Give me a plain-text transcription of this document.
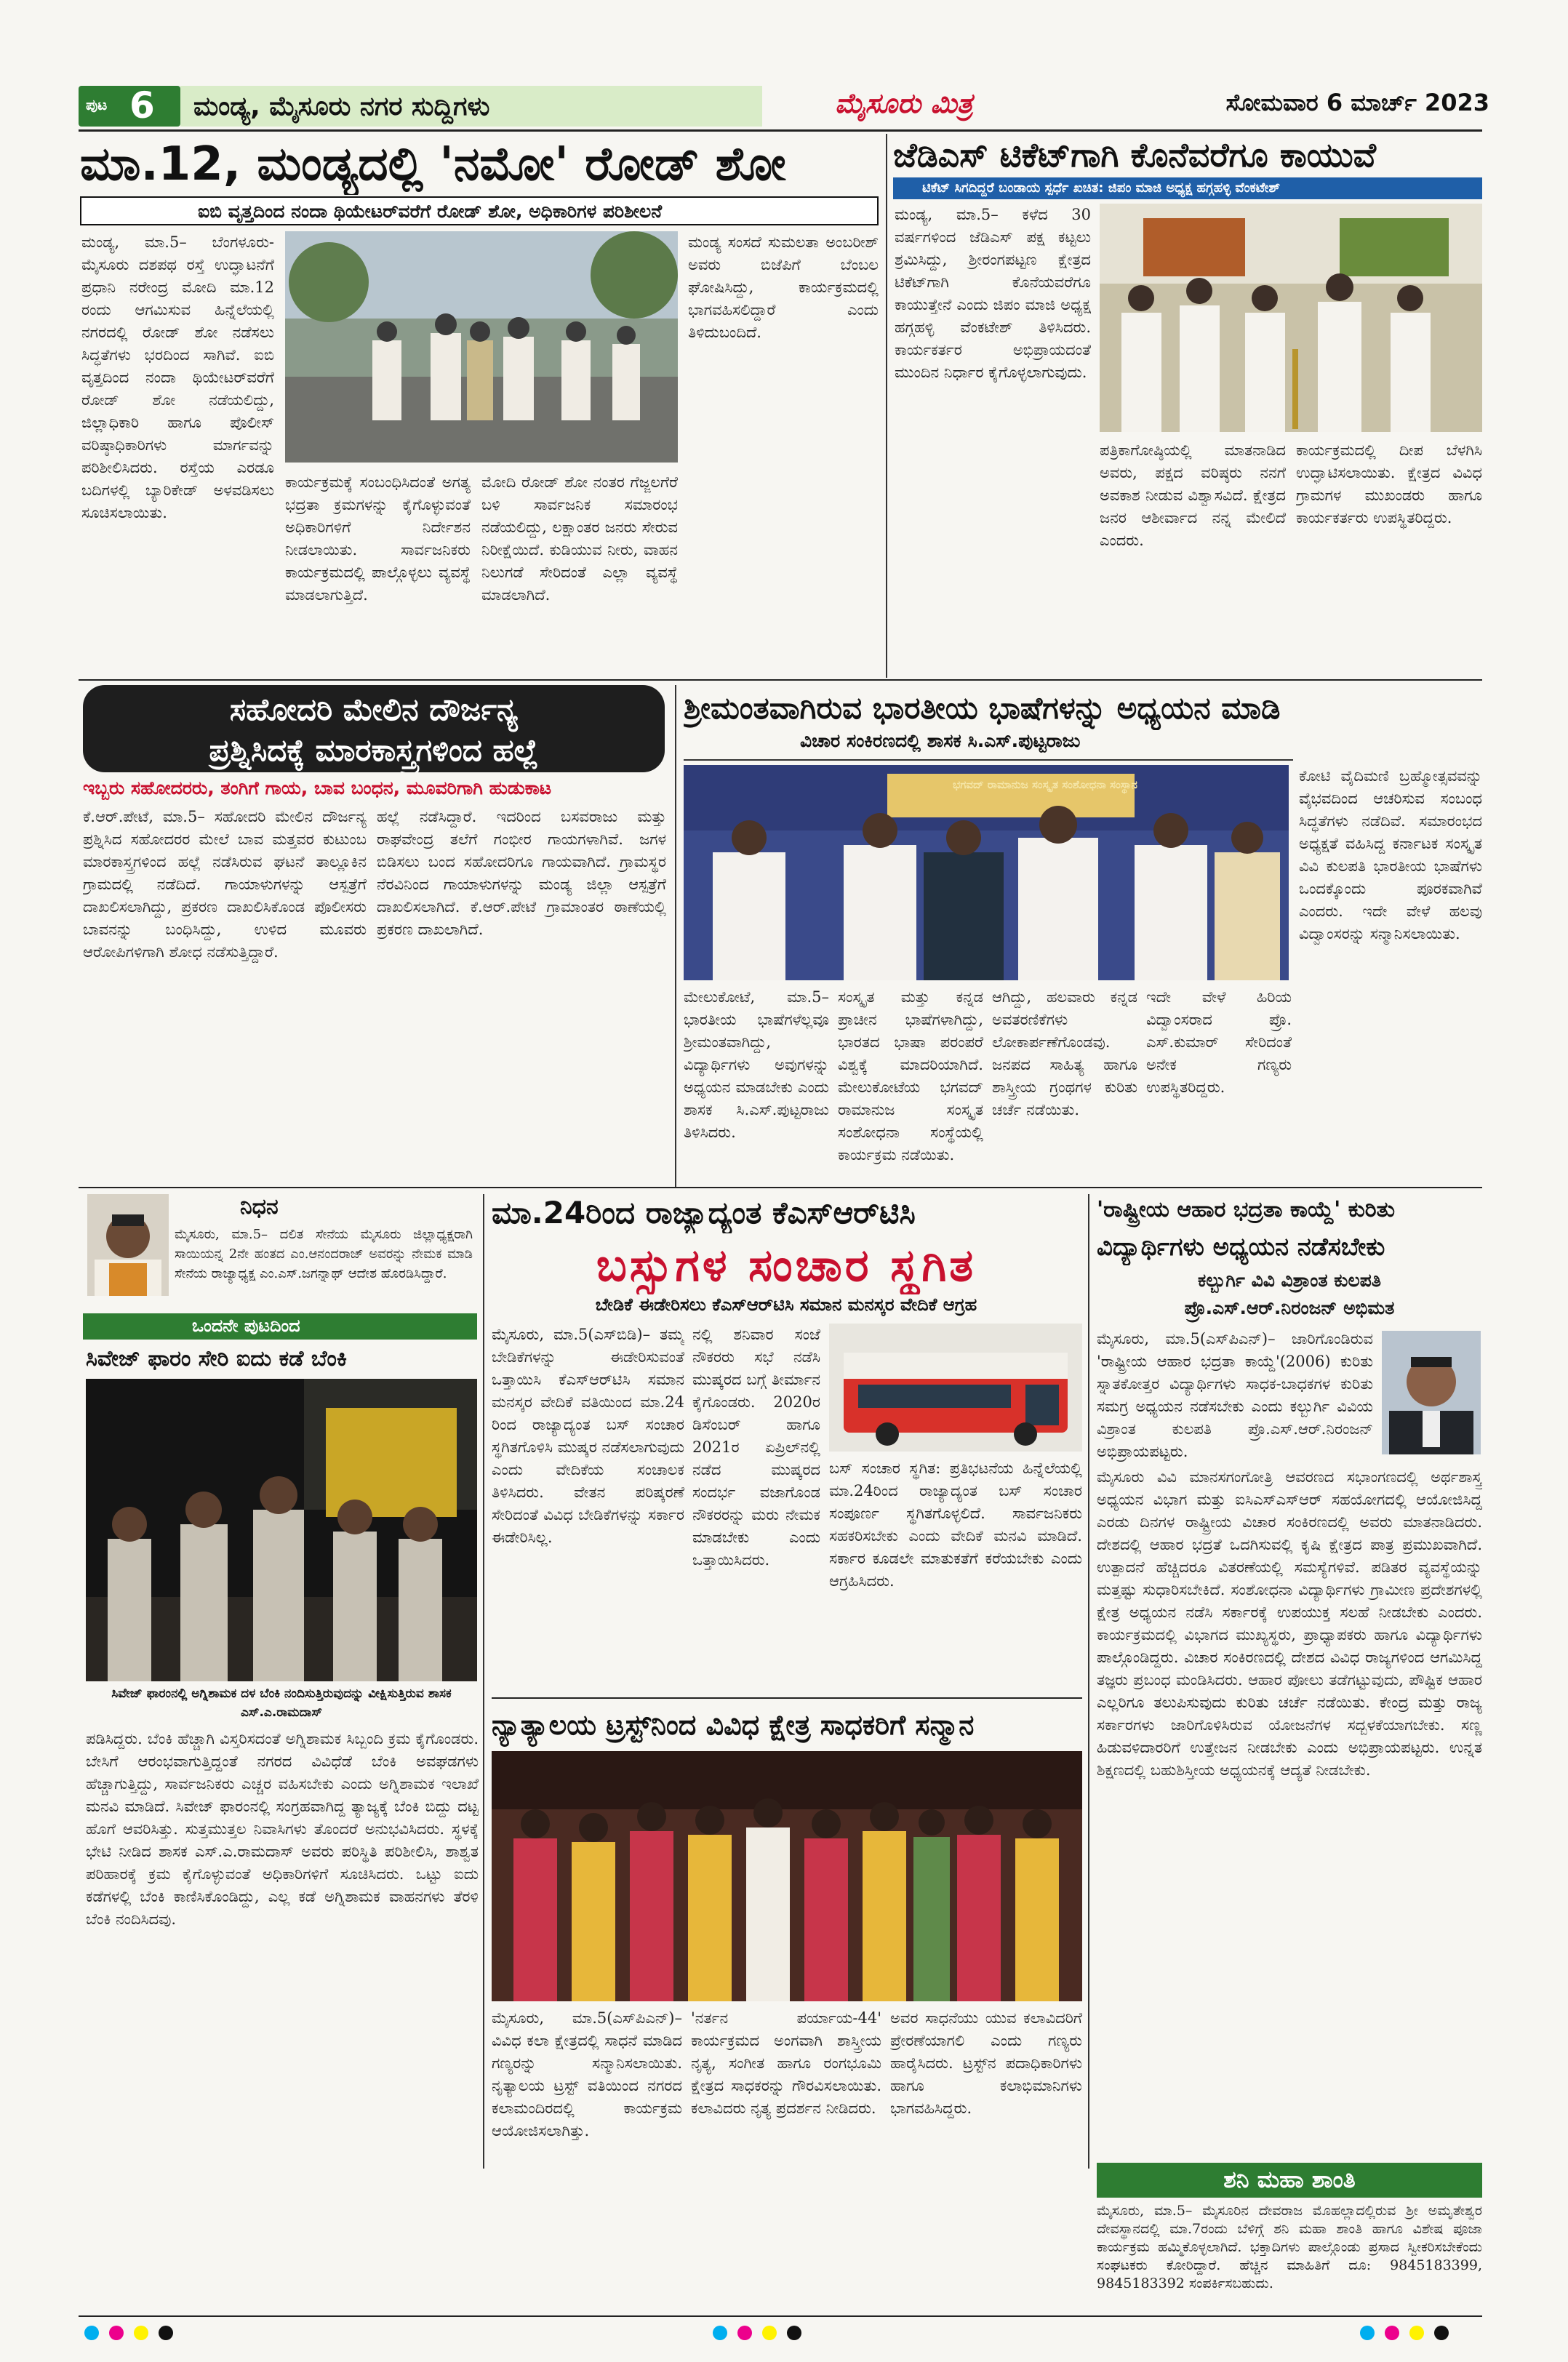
ಪುಟ 6 ಮಂಡ್ಯ, ಮೈಸೂರು ನಗರ ಸುದ್ದಿಗಳು	ಮೈಸೂರು ಮಿತ್ರ	ಸೋಮವಾರ 6 ಮಾರ್ಚ್ 2023
ಮಾ.12, ಮಂಡ್ಯದಲ್ಲಿ 'ನಮೋ' ರೋಡ್ ಶೋ
ಐಬಿ ವೃತ್ತದಿಂದ ನಂದಾ ಥಿಯೇಟರ್‌ವರೆಗೆ ರೋಡ್ ಶೋ, ಅಧಿಕಾರಿಗಳ ಪರಿಶೀಲನೆ
ಮಂಡ್ಯ, ಮಾ.5– ಬೆಂಗಳೂರು-ಮೈಸೂರು ದಶಪಥ ರಸ್ತೆ ಉದ್ಘಾಟನೆಗೆ ಪ್ರಧಾನಿ ನರೇಂದ್ರ ಮೋದಿ ಮಾ.12 ರಂದು ಆಗಮಿಸುವ ಹಿನ್ನೆಲೆಯಲ್ಲಿ ನಗರದಲ್ಲಿ ರೋಡ್ ಶೋ ನಡೆಸಲು ಸಿದ್ಧತೆಗಳು ಭರದಿಂದ ಸಾಗಿವೆ. ಐಬಿ ವೃತ್ತದಿಂದ ನಂದಾ ಥಿಯೇಟರ್‌ವರೆಗೆ ರೋಡ್ ಶೋ ನಡೆಯಲಿದ್ದು, ಜಿಲ್ಲಾಧಿಕಾರಿ ಹಾಗೂ ಪೊಲೀಸ್ ವರಿಷ್ಠಾಧಿಕಾರಿಗಳು ಮಾರ್ಗವನ್ನು ಪರಿಶೀಲಿಸಿದರು. ರಸ್ತೆಯ ಎರಡೂ ಬದಿಗಳಲ್ಲಿ ಬ್ಯಾರಿಕೇಡ್ ಅಳವಡಿಸಲು ಸೂಚಿಸಲಾಯಿತು.
ಕಾರ್ಯಕ್ರಮಕ್ಕೆ ಸಂಬಂಧಿಸಿದಂತೆ ಅಗತ್ಯ ಭದ್ರತಾ ಕ್ರಮಗಳನ್ನು ಕೈಗೊಳ್ಳುವಂತೆ ಅಧಿಕಾರಿಗಳಿಗೆ ನಿರ್ದೇಶನ ನೀಡಲಾಯಿತು. ಸಾರ್ವಜನಿಕರು ಕಾರ್ಯಕ್ರಮದಲ್ಲಿ ಪಾಲ್ಗೊಳ್ಳಲು ವ್ಯವಸ್ಥೆ ಮಾಡಲಾಗುತ್ತಿದೆ.
ಮೋದಿ ರೋಡ್ ಶೋ ನಂತರ ಗೆಜ್ಜಲಗೆರೆ ಬಳಿ ಸಾರ್ವಜನಿಕ ಸಮಾರಂಭ ನಡೆಯಲಿದ್ದು, ಲಕ್ಷಾಂತರ ಜನರು ಸೇರುವ ನಿರೀಕ್ಷೆಯಿದೆ. ಕುಡಿಯುವ ನೀರು, ವಾಹನ ನಿಲುಗಡೆ ಸೇರಿದಂತೆ ಎಲ್ಲಾ ವ್ಯವಸ್ಥೆ ಮಾಡಲಾಗಿದೆ.
ಮಂಡ್ಯ ಸಂಸದೆ ಸುಮಲತಾ ಅಂಬರೀಶ್ ಅವರು ಬಿಜೆಪಿಗೆ ಬೆಂಬಲ ಘೋಷಿಸಿದ್ದು, ಕಾರ್ಯಕ್ರಮದಲ್ಲಿ ಭಾಗವಹಿಸಲಿದ್ದಾರೆ ಎಂದು ತಿಳಿದುಬಂದಿದೆ.
ಜೆಡಿಎಸ್ ಟಿಕೆಟ್‌ಗಾಗಿ ಕೊನೆವರೆಗೂ ಕಾಯುವೆ
ಟಿಕೆಟ್ ಸಿಗದಿದ್ದರೆ ಬಂಡಾಯ ಸ್ಪರ್ಧೆ ಖಚಿತ: ಜಿಪಂ ಮಾಜಿ ಅಧ್ಯಕ್ಷ ಹಗ್ಗಹಳ್ಳಿ ವೆಂಕಟೇಶ್
ಮಂಡ್ಯ, ಮಾ.5– ಕಳೆದ 30 ವರ್ಷಗಳಿಂದ ಜೆಡಿಎಸ್ ಪಕ್ಷ ಕಟ್ಟಲು ಶ್ರಮಿಸಿದ್ದು, ಶ್ರೀರಂಗಪಟ್ಟಣ ಕ್ಷೇತ್ರದ ಟಿಕೆಟ್‌ಗಾಗಿ ಕೊನೆಯವರೆಗೂ ಕಾಯುತ್ತೇನೆ ಎಂದು ಜಿಪಂ ಮಾಜಿ ಅಧ್ಯಕ್ಷ ಹಗ್ಗಹಳ್ಳಿ ವೆಂಕಟೇಶ್ ತಿಳಿಸಿದರು. ಕಾರ್ಯಕರ್ತರ ಅಭಿಪ್ರಾಯದಂತೆ ಮುಂದಿನ ನಿರ್ಧಾರ ಕೈಗೊಳ್ಳಲಾಗುವುದು.
ಪತ್ರಿಕಾಗೋಷ್ಠಿಯಲ್ಲಿ ಮಾತನಾಡಿದ ಅವರು, ಪಕ್ಷದ ವರಿಷ್ಠರು ನನಗೆ ಅವಕಾಶ ನೀಡುವ ವಿಶ್ವಾಸವಿದೆ. ಕ್ಷೇತ್ರದ ಜನರ ಆಶೀರ್ವಾದ ನನ್ನ ಮೇಲಿದೆ ಎಂದರು.
ಕಾರ್ಯಕ್ರಮದಲ್ಲಿ ದೀಪ ಬೆಳಗಿಸಿ ಉದ್ಘಾಟಿಸಲಾಯಿತು. ಕ್ಷೇತ್ರದ ವಿವಿಧ ಗ್ರಾಮಗಳ ಮುಖಂಡರು ಹಾಗೂ ಕಾರ್ಯಕರ್ತರು ಉಪಸ್ಥಿತರಿದ್ದರು.
ಸಹೋದರಿ ಮೇಲಿನ ದೌರ್ಜನ್ಯ
ಪ್ರಶ್ನಿಸಿದಕ್ಕೆ ಮಾರಕಾಸ್ತ್ರಗಳಿಂದ ಹಲ್ಲೆ
ಇಬ್ಬರು ಸಹೋದರರು, ತಂಗಿಗೆ ಗಾಯ, ಬಾವ ಬಂಧನ, ಮೂವರಿಗಾಗಿ ಹುಡುಕಾಟ
ಕೆ.ಆರ್.ಪೇಟೆ, ಮಾ.5– ಸಹೋದರಿ ಮೇಲಿನ ದೌರ್ಜನ್ಯ ಪ್ರಶ್ನಿಸಿದ ಸಹೋದರರ ಮೇಲೆ ಬಾವ ಮತ್ತವರ ಕುಟುಂಬ ಮಾರಕಾಸ್ತ್ರಗಳಿಂದ ಹಲ್ಲೆ ನಡೆಸಿರುವ ಘಟನೆ ತಾಲ್ಲೂಕಿನ ಗ್ರಾಮದಲ್ಲಿ ನಡೆದಿದೆ. ಗಾಯಾಳುಗಳನ್ನು ಆಸ್ಪತ್ರೆಗೆ ದಾಖಲಿಸಲಾಗಿದ್ದು, ಪ್ರಕರಣ ದಾಖಲಿಸಿಕೊಂಡ ಪೊಲೀಸರು ಬಾವನನ್ನು ಬಂಧಿಸಿದ್ದು, ಉಳಿದ ಮೂವರು ಆರೋಪಿಗಳಿಗಾಗಿ ಶೋಧ ನಡೆಸುತ್ತಿದ್ದಾರೆ.
ಹಲ್ಲೆ ನಡೆಸಿದ್ದಾರೆ. ಇದರಿಂದ ಬಸವರಾಜು ಮತ್ತು ರಾಘವೇಂದ್ರ ತಲೆಗೆ ಗಂಭೀರ ಗಾಯಗಳಾಗಿವೆ. ಜಗಳ ಬಿಡಿಸಲು ಬಂದ ಸಹೋದರಿಗೂ ಗಾಯವಾಗಿದೆ. ಗ್ರಾಮಸ್ಥರ ನೆರವಿನಿಂದ ಗಾಯಾಳುಗಳನ್ನು ಮಂಡ್ಯ ಜಿಲ್ಲಾ ಆಸ್ಪತ್ರೆಗೆ ದಾಖಲಿಸಲಾಗಿದೆ. ಕೆ.ಆರ್.ಪೇಟೆ ಗ್ರಾಮಾಂತರ ಠಾಣೆಯಲ್ಲಿ ಪ್ರಕರಣ ದಾಖಲಾಗಿದೆ.
ಶ್ರೀಮಂತವಾಗಿರುವ ಭಾರತೀಯ ಭಾಷೆಗಳನ್ನು ಅಧ್ಯಯನ ಮಾಡಿ
ವಿಚಾರ ಸಂಕಿರಣದಲ್ಲಿ ಶಾಸಕ ಸಿ.ಎಸ್.ಪುಟ್ಟರಾಜು
ಭಗವದ್ ರಾಮಾನುಜ ಸಂಸ್ಕೃತ ಸಂಶೋಧನಾ ಸಂಸ್ಥಾನ	ಕೋಟಿ ವೈದಿಮಣಿ ಬ್ರಹ್ಮೋತ್ಸವವನ್ನು ವೈಭವದಿಂದ ಆಚರಿಸುವ ಸಂಬಂಧ ಸಿದ್ಧತೆಗಳು ನಡೆದಿವೆ. ಸಮಾರಂಭದ ಅಧ್ಯಕ್ಷತೆ ವಹಿಸಿದ್ದ ಕರ್ನಾಟಕ ಸಂಸ್ಕೃತ ವಿವಿ ಕುಲಪತಿ ಭಾರತೀಯ ಭಾಷೆಗಳು ಒಂದಕ್ಕೊಂದು ಪೂರಕವಾಗಿವೆ ಎಂದರು. ಇದೇ ವೇಳೆ ಹಲವು ವಿದ್ವಾಂಸರನ್ನು ಸನ್ಮಾನಿಸಲಾಯಿತು.
ಮೇಲುಕೋಟೆ, ಮಾ.5– ಭಾರತೀಯ ಭಾಷೆಗಳೆಲ್ಲವೂ ಶ್ರೀಮಂತವಾಗಿದ್ದು, ವಿದ್ಯಾರ್ಥಿಗಳು ಅವುಗಳನ್ನು ಅಧ್ಯಯನ ಮಾಡಬೇಕು ಎಂದು ಶಾಸಕ ಸಿ.ಎಸ್.ಪುಟ್ಟರಾಜು ತಿಳಿಸಿದರು.
ಸಂಸ್ಕೃತ ಮತ್ತು ಕನ್ನಡ ಪ್ರಾಚೀನ ಭಾಷೆಗಳಾಗಿದ್ದು, ಭಾರತದ ಭಾಷಾ ಪರಂಪರೆ ವಿಶ್ವಕ್ಕೆ ಮಾದರಿಯಾಗಿದೆ. ಮೇಲುಕೋಟೆಯ ಭಗವದ್ ರಾಮಾನುಜ ಸಂಸ್ಕೃತ ಸಂಶೋಧನಾ ಸಂಸ್ಥೆಯಲ್ಲಿ ಕಾರ್ಯಕ್ರಮ ನಡೆಯಿತು.
ಆಗಿದ್ದು, ಹಲವಾರು ಕನ್ನಡ ಅವತರಣಿಕೆಗಳು ಲೋಕಾರ್ಪಣೆಗೊಂಡವು. ಜನಪದ ಸಾಹಿತ್ಯ ಹಾಗೂ ಶಾಸ್ತ್ರೀಯ ಗ್ರಂಥಗಳ ಕುರಿತು ಚರ್ಚೆ ನಡೆಯಿತು.
ಇದೇ ವೇಳೆ ಹಿರಿಯ ವಿದ್ವಾಂಸರಾದ ಪ್ರೊ. ಎಸ್.ಕುಮಾರ್ ಸೇರಿದಂತೆ ಅನೇಕ ಗಣ್ಯರು ಉಪಸ್ಥಿತರಿದ್ದರು.
ನಿಧನ
ಮೈಸೂರು, ಮಾ.5– ದಲಿತ ಸೇನೆಯ ಮೈಸೂರು ಜಿಲ್ಲಾಧ್ಯಕ್ಷರಾಗಿ ಸಾಯಿಯನ್ನ 2ನೇ ಹಂತದ ಎಂ.ಆನಂದರಾಜ್ ಅವರನ್ನು ನೇಮಕ ಮಾಡಿ ಸೇನೆಯ ರಾಜ್ಯಾಧ್ಯಕ್ಷ ಎಂ.ಎಸ್.ಜಗನ್ನಾಥ್ ಆದೇಶ ಹೊರಡಿಸಿದ್ದಾರೆ.
ಒಂದನೇ ಪುಟದಿಂದ
ಸಿವೇಜ್ ಫಾರಂ ಸೇರಿ ಐದು ಕಡೆ ಬೆಂಕಿ
ಸಿವೇಜ್ ಫಾರಂನಲ್ಲಿ ಅಗ್ನಿಶಾಮಕ ದಳ ಬೆಂಕಿ ನಂದಿಸುತ್ತಿರುವುದನ್ನು ವೀಕ್ಷಿಸುತ್ತಿರುವ ಶಾಸಕ ಎಸ್.ಎ.ರಾಮದಾಸ್
ಪಡಿಸಿದ್ದರು. ಬೆಂಕಿ ಹೆಚ್ಚಾಗಿ ವಿಸ್ತರಿಸದಂತೆ ಅಗ್ನಿಶಾಮಕ ಸಿಬ್ಬಂದಿ ಕ್ರಮ ಕೈಗೊಂಡರು. ಬೇಸಿಗೆ ಆರಂಭವಾಗುತ್ತಿದ್ದಂತೆ ನಗರದ ವಿವಿಧೆಡೆ ಬೆಂಕಿ ಅವಘಡಗಳು ಹೆಚ್ಚಾಗುತ್ತಿದ್ದು, ಸಾರ್ವಜನಿಕರು ಎಚ್ಚರ ವಹಿಸಬೇಕು ಎಂದು ಅಗ್ನಿಶಾಮಕ ಇಲಾಖೆ ಮನವಿ ಮಾಡಿದೆ. ಸಿವೇಜ್ ಫಾರಂನಲ್ಲಿ ಸಂಗ್ರಹವಾಗಿದ್ದ ತ್ಯಾಜ್ಯಕ್ಕೆ ಬೆಂಕಿ ಬಿದ್ದು ದಟ್ಟ ಹೊಗೆ ಆವರಿಸಿತ್ತು. ಸುತ್ತಮುತ್ತಲ ನಿವಾಸಿಗಳು ತೊಂದರೆ ಅನುಭವಿಸಿದರು. ಸ್ಥಳಕ್ಕೆ ಭೇಟಿ ನೀಡಿದ ಶಾಸಕ ಎಸ್.ಎ.ರಾಮದಾಸ್ ಅವರು ಪರಿಸ್ಥಿತಿ ಪರಿಶೀಲಿಸಿ, ಶಾಶ್ವತ ಪರಿಹಾರಕ್ಕೆ ಕ್ರಮ ಕೈಗೊಳ್ಳುವಂತೆ ಅಧಿಕಾರಿಗಳಿಗೆ ಸೂಚಿಸಿದರು. ಒಟ್ಟು ಐದು ಕಡೆಗಳಲ್ಲಿ ಬೆಂಕಿ ಕಾಣಿಸಿಕೊಂಡಿದ್ದು, ಎಲ್ಲ ಕಡೆ ಅಗ್ನಿಶಾಮಕ ವಾಹನಗಳು ತೆರಳಿ ಬೆಂಕಿ ನಂದಿಸಿದವು.
ಮಾ.24ರಿಂದ ರಾಜ್ಯಾದ್ಯಂತ ಕೆಎಸ್‌ಆರ್‌ಟಿಸಿ
ಬಸ್ಸುಗಳ ಸಂಚಾರ ಸ್ಥಗಿತ
ಬೇಡಿಕೆ ಈಡೇರಿಸಲು ಕೆಎಸ್‌ಆರ್‌ಟಿಸಿ ಸಮಾನ ಮನಸ್ಕರ ವೇದಿಕೆ ಆಗ್ರಹ
ಮೈಸೂರು, ಮಾ.5(ಎಸ್‌ಬಿಡಿ)– ತಮ್ಮ ಬೇಡಿಕೆಗಳನ್ನು ಈಡೇರಿಸುವಂತೆ ಒತ್ತಾಯಿಸಿ ಕೆಎಸ್‌ಆರ್‌ಟಿಸಿ ಸಮಾನ ಮನಸ್ಕರ ವೇದಿಕೆ ವತಿಯಿಂದ ಮಾ.24 ರಿಂದ ರಾಜ್ಯಾದ್ಯಂತ ಬಸ್ ಸಂಚಾರ ಸ್ಥಗಿತಗೊಳಿಸಿ ಮುಷ್ಕರ ನಡೆಸಲಾಗುವುದು ಎಂದು ವೇದಿಕೆಯ ಸಂಚಾಲಕ ತಿಳಿಸಿದರು. ವೇತನ ಪರಿಷ್ಕರಣೆ ಸೇರಿದಂತೆ ವಿವಿಧ ಬೇಡಿಕೆಗಳನ್ನು ಸರ್ಕಾರ ಈಡೇರಿಸಿಲ್ಲ.
ನಲ್ಲಿ ಶನಿವಾರ ಸಂಜೆ ನೌಕರರು ಸಭೆ ನಡೆಸಿ ಮುಷ್ಕರದ ಬಗ್ಗೆ ತೀರ್ಮಾನ ಕೈಗೊಂಡರು. 2020ರ ಡಿಸೆಂಬರ್ ಹಾಗೂ 2021ರ ಏಪ್ರಿಲ್‌ನಲ್ಲಿ ನಡೆದ ಮುಷ್ಕರದ ಸಂದರ್ಭ ವಜಾಗೊಂಡ ನೌಕರರನ್ನು ಮರು ನೇಮಕ ಮಾಡಬೇಕು ಎಂದು ಒತ್ತಾಯಿಸಿದರು.
ಬಸ್ ಸಂಚಾರ ಸ್ಥಗಿತ: ಪ್ರತಿಭಟನೆಯ ಹಿನ್ನೆಲೆಯಲ್ಲಿ ಮಾ.24ರಿಂದ ರಾಜ್ಯಾದ್ಯಂತ ಬಸ್ ಸಂಚಾರ ಸಂಪೂರ್ಣ ಸ್ಥಗಿತಗೊಳ್ಳಲಿದೆ. ಸಾರ್ವಜನಿಕರು ಸಹಕರಿಸಬೇಕು ಎಂದು ವೇದಿಕೆ ಮನವಿ ಮಾಡಿದೆ. ಸರ್ಕಾರ ಕೂಡಲೇ ಮಾತುಕತೆಗೆ ಕರೆಯಬೇಕು ಎಂದು ಆಗ್ರಹಿಸಿದರು.
'ರಾಷ್ಟ್ರೀಯ ಆಹಾರ ಭದ್ರತಾ ಕಾಯ್ದೆ' ಕುರಿತು
ವಿದ್ಯಾರ್ಥಿಗಳು ಅಧ್ಯಯನ ನಡೆಸಬೇಕು
ಕಲ್ಬುರ್ಗಿ ವಿವಿ ವಿಶ್ರಾಂತ ಕುಲಪತಿ
ಪ್ರೊ.ಎಸ್.ಆರ್.ನಿರಂಜನ್ ಅಭಿಮತ
ಮೈಸೂರು, ಮಾ.5(ಎಸ್‌ಪಿಎನ್)– ಜಾರಿಗೊಂಡಿರುವ 'ರಾಷ್ಟ್ರೀಯ ಆಹಾರ ಭದ್ರತಾ ಕಾಯ್ದೆ'(2006) ಕುರಿತು ಸ್ನಾತಕೋತ್ತರ ವಿದ್ಯಾರ್ಥಿಗಳು ಸಾಧಕ-ಬಾಧಕಗಳ ಕುರಿತು ಸಮಗ್ರ ಅಧ್ಯಯನ ನಡೆಸಬೇಕು ಎಂದು ಕಲ್ಬುರ್ಗಿ ವಿವಿಯ ವಿಶ್ರಾಂತ ಕುಲಪತಿ ಪ್ರೊ.ಎಸ್.ಆರ್.ನಿರಂಜನ್ ಅಭಿಪ್ರಾಯಪಟ್ಟರು.
ಮೈಸೂರು ವಿವಿ ಮಾನಸಗಂಗೋತ್ರಿ ಆವರಣದ ಸಭಾಂಗಣದಲ್ಲಿ ಅರ್ಥಶಾಸ್ತ್ರ ಅಧ್ಯಯನ ವಿಭಾಗ ಮತ್ತು ಐಸಿಎಸ್‌ಎಸ್‌ಆರ್ ಸಹಯೋಗದಲ್ಲಿ ಆಯೋಜಿಸಿದ್ದ ಎರಡು ದಿನಗಳ ರಾಷ್ಟ್ರೀಯ ವಿಚಾರ ಸಂಕಿರಣದಲ್ಲಿ ಅವರು ಮಾತನಾಡಿದರು. ದೇಶದಲ್ಲಿ ಆಹಾರ ಭದ್ರತೆ ಒದಗಿಸುವಲ್ಲಿ ಕೃಷಿ ಕ್ಷೇತ್ರದ ಪಾತ್ರ ಪ್ರಮುಖವಾಗಿದೆ. ಉತ್ಪಾದನೆ ಹೆಚ್ಚಿದರೂ ವಿತರಣೆಯಲ್ಲಿ ಸಮಸ್ಯೆಗಳಿವೆ. ಪಡಿತರ ವ್ಯವಸ್ಥೆಯನ್ನು ಮತ್ತಷ್ಟು ಸುಧಾರಿಸಬೇಕಿದೆ. ಸಂಶೋಧನಾ ವಿದ್ಯಾರ್ಥಿಗಳು ಗ್ರಾಮೀಣ ಪ್ರದೇಶಗಳಲ್ಲಿ ಕ್ಷೇತ್ರ ಅಧ್ಯಯನ ನಡೆಸಿ ಸರ್ಕಾರಕ್ಕೆ ಉಪಯುಕ್ತ ಸಲಹೆ ನೀಡಬೇಕು ಎಂದರು. ಕಾರ್ಯಕ್ರಮದಲ್ಲಿ ವಿಭಾಗದ ಮುಖ್ಯಸ್ಥರು, ಪ್ರಾಧ್ಯಾಪಕರು ಹಾಗೂ ವಿದ್ಯಾರ್ಥಿಗಳು ಪಾಲ್ಗೊಂಡಿದ್ದರು. ವಿಚಾರ ಸಂಕಿರಣದಲ್ಲಿ ದೇಶದ ವಿವಿಧ ರಾಜ್ಯಗಳಿಂದ ಆಗಮಿಸಿದ್ದ ತಜ್ಞರು ಪ್ರಬಂಧ ಮಂಡಿಸಿದರು. ಆಹಾರ ಪೋಲು ತಡೆಗಟ್ಟುವುದು, ಪೌಷ್ಟಿಕ ಆಹಾರ ಎಲ್ಲರಿಗೂ ತಲುಪಿಸುವುದು ಕುರಿತು ಚರ್ಚೆ ನಡೆಯಿತು. ಕೇಂದ್ರ ಮತ್ತು ರಾಜ್ಯ ಸರ್ಕಾರಗಳು ಜಾರಿಗೊಳಿಸಿರುವ ಯೋಜನೆಗಳ ಸದ್ಬಳಕೆಯಾಗಬೇಕು. ಸಣ್ಣ ಹಿಡುವಳಿದಾರರಿಗೆ ಉತ್ತೇಜನ ನೀಡಬೇಕು ಎಂದು ಅಭಿಪ್ರಾಯಪಟ್ಟರು. ಉನ್ನತ ಶಿಕ್ಷಣದಲ್ಲಿ ಬಹುಶಿಸ್ತೀಯ ಅಧ್ಯಯನಕ್ಕೆ ಆದ್ಯತೆ ನೀಡಬೇಕು.
ನ್ಯಾತ್ಯಾಲಯ ಟ್ರಸ್ಟ್‌ನಿಂದ ವಿವಿಧ ಕ್ಷೇತ್ರ ಸಾಧಕರಿಗೆ ಸನ್ಮಾನ
ಮೈಸೂರು, ಮಾ.5(ಎಸ್‌ಪಿಎನ್)– ವಿವಿಧ ಕಲಾ ಕ್ಷೇತ್ರದಲ್ಲಿ ಸಾಧನೆ ಮಾಡಿದ ಗಣ್ಯರನ್ನು ಸನ್ಮಾನಿಸಲಾಯಿತು. ನೃತ್ಯಾಲಯ ಟ್ರಸ್ಟ್ ವತಿಯಿಂದ ನಗರದ ಕಲಾಮಂದಿರದಲ್ಲಿ ಕಾರ್ಯಕ್ರಮ ಆಯೋಜಿಸಲಾಗಿತ್ತು.
'ನರ್ತನ ಪರ್ಯಾಯ-44' ಕಾರ್ಯಕ್ರಮದ ಅಂಗವಾಗಿ ಶಾಸ್ತ್ರೀಯ ನೃತ್ಯ, ಸಂಗೀತ ಹಾಗೂ ರಂಗಭೂಮಿ ಕ್ಷೇತ್ರದ ಸಾಧಕರನ್ನು ಗೌರವಿಸಲಾಯಿತು. ಕಲಾವಿದರು ನೃತ್ಯ ಪ್ರದರ್ಶನ ನೀಡಿದರು.
ಅವರ ಸಾಧನೆಯು ಯುವ ಕಲಾವಿದರಿಗೆ ಪ್ರೇರಣೆಯಾಗಲಿ ಎಂದು ಗಣ್ಯರು ಹಾರೈಸಿದರು. ಟ್ರಸ್ಟ್‌ನ ಪದಾಧಿಕಾರಿಗಳು ಹಾಗೂ ಕಲಾಭಿಮಾನಿಗಳು ಭಾಗವಹಿಸಿದ್ದರು.
ಶನಿ ಮಹಾ ಶಾಂತಿ
ಮೈಸೂರು, ಮಾ.5– ಮೈಸೂರಿನ ದೇವರಾಜ ಮೊಹಲ್ಲಾದಲ್ಲಿರುವ ಶ್ರೀ ಅಮೃತೇಶ್ವರ ದೇವಸ್ಥಾನದಲ್ಲಿ ಮಾ.7ರಂದು ಬೆಳಿಗ್ಗೆ ಶನಿ ಮಹಾ ಶಾಂತಿ ಹಾಗೂ ವಿಶೇಷ ಪೂಜಾ ಕಾರ್ಯಕ್ರಮ ಹಮ್ಮಿಕೊಳ್ಳಲಾಗಿದೆ. ಭಕ್ತಾದಿಗಳು ಪಾಲ್ಗೊಂಡು ಪ್ರಸಾದ ಸ್ವೀಕರಿಸಬೇಕೆಂದು ಸಂಘಟಕರು ಕೋರಿದ್ದಾರೆ. ಹೆಚ್ಚಿನ ಮಾಹಿತಿಗೆ ದೂ: 9845183399, 9845183392 ಸಂಪರ್ಕಿಸಬಹುದು.
